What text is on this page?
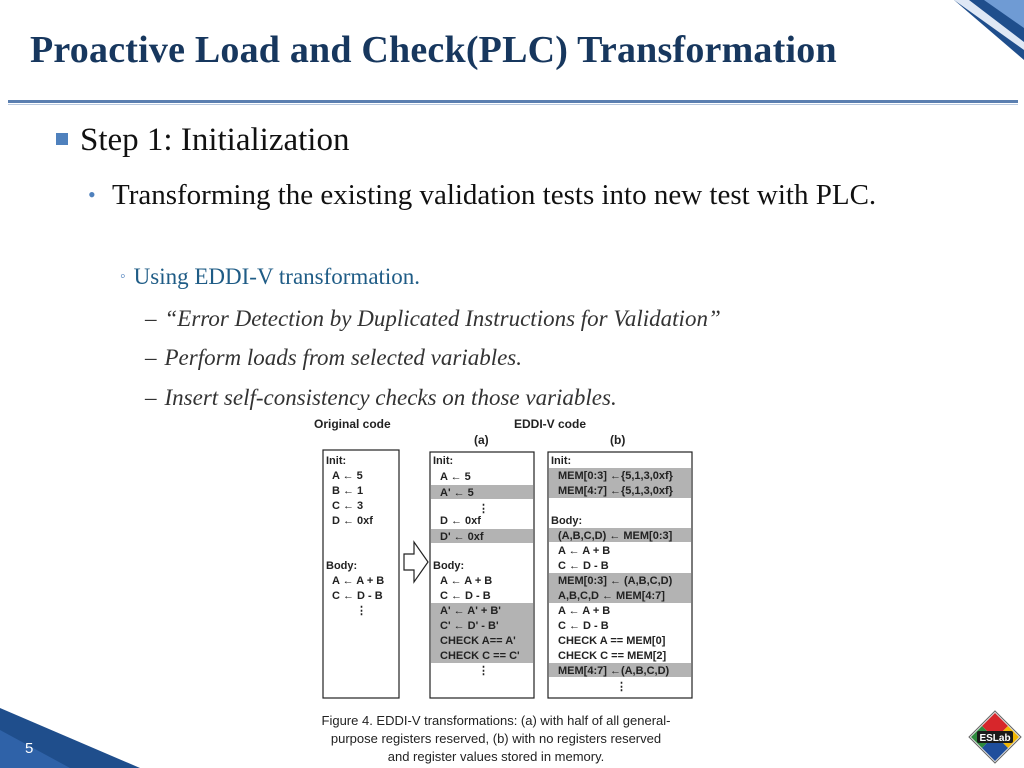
Proactive Load and Check(PLC) Transformation
Step 1: Initialization
• Transforming the existing validation tests into new test with PLC.
◦ Using EDDI-V transformation.
– “Error Detection by Duplicated Instructions for Validation”
– Perform loads from selected variables.
– Insert self-consistency checks on those variables.
Original code	EDDI-V code
(a)	(b)
Init:
A ← 5
B ← 1
C ← 3
D ← 0xf
Body:
A ← A + B
C ← D - B
⋮
Init:
A ← 5
A' ← 5
⋮
D ← 0xf
D' ← 0xf
Body:
A ← A + B
C ← D - B
A' ← A' + B'
C' ← D' - B'
CHECK A== A'
CHECK C == C'
⋮
Init:
MEM[0:3] ←{5,1,3,0xf}
MEM[4:7] ←{5,1,3,0xf}
Body:
(A,B,C,D) ← MEM[0:3]
A ← A + B
C ← D - B
MEM[0:3] ← (A,B,C,D)
A,B,C,D ← MEM[4:7]
A ← A + B
C ← D - B
CHECK A == MEM[0]
CHECK C == MEM[2]
MEM[4:7] ←(A,B,C,D)
⋮
Figure 4. EDDI-V transformations: (a) with half of all general-
purpose registers reserved, (b) with no registers reserved
and register values stored in memory.
5
ESLab
